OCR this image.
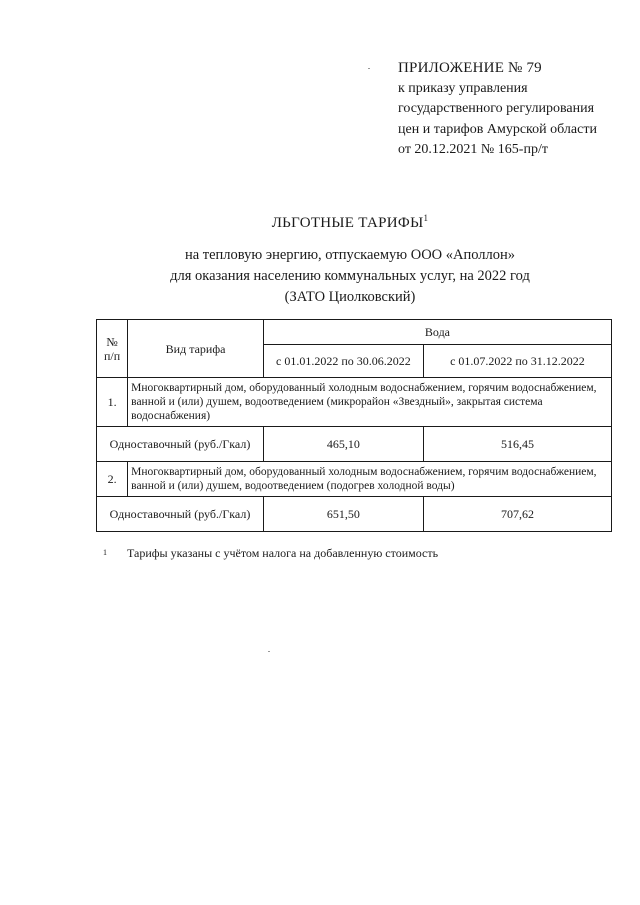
ПРИЛОЖЕНИЕ № 79
к приказу управления
государственного регулирования
цен и тарифов Амурской области
от 20.12.2021 № 165-пр/т
ЛЬГОТНЫЕ ТАРИФЫ$^1$
на тепловую энергию, отпускаемую ООО «Аполлон»
для оказания населению коммунальных услуг, на 2022 год
(ЗАТО Циолковский)
№ п/п	Вид тарифа	Вода	
		с 01.01.2022 по 30.06.2022	с 01.07.2022 по 31.12.2022
1.	Многоквартирный дом, оборудованный холодным водоснабжением, горячим водоснабжением, ванной и (или) душем, водоотведением (микрорайон «Звездный», закрытая система водоснабжения)		
Одноставочный (руб./Гкал)		465,10	516,45
2.	Многоквартирный дом, оборудованный холодным водоснабжением, горячим водоснабжением, ванной и (или) душем, водоотведением (подогрев холодной воды)		
Одноставочный (руб./Гкал)		651,50	707,62
1 Тарифы указаны с учётом налога на добавленную стоимость
